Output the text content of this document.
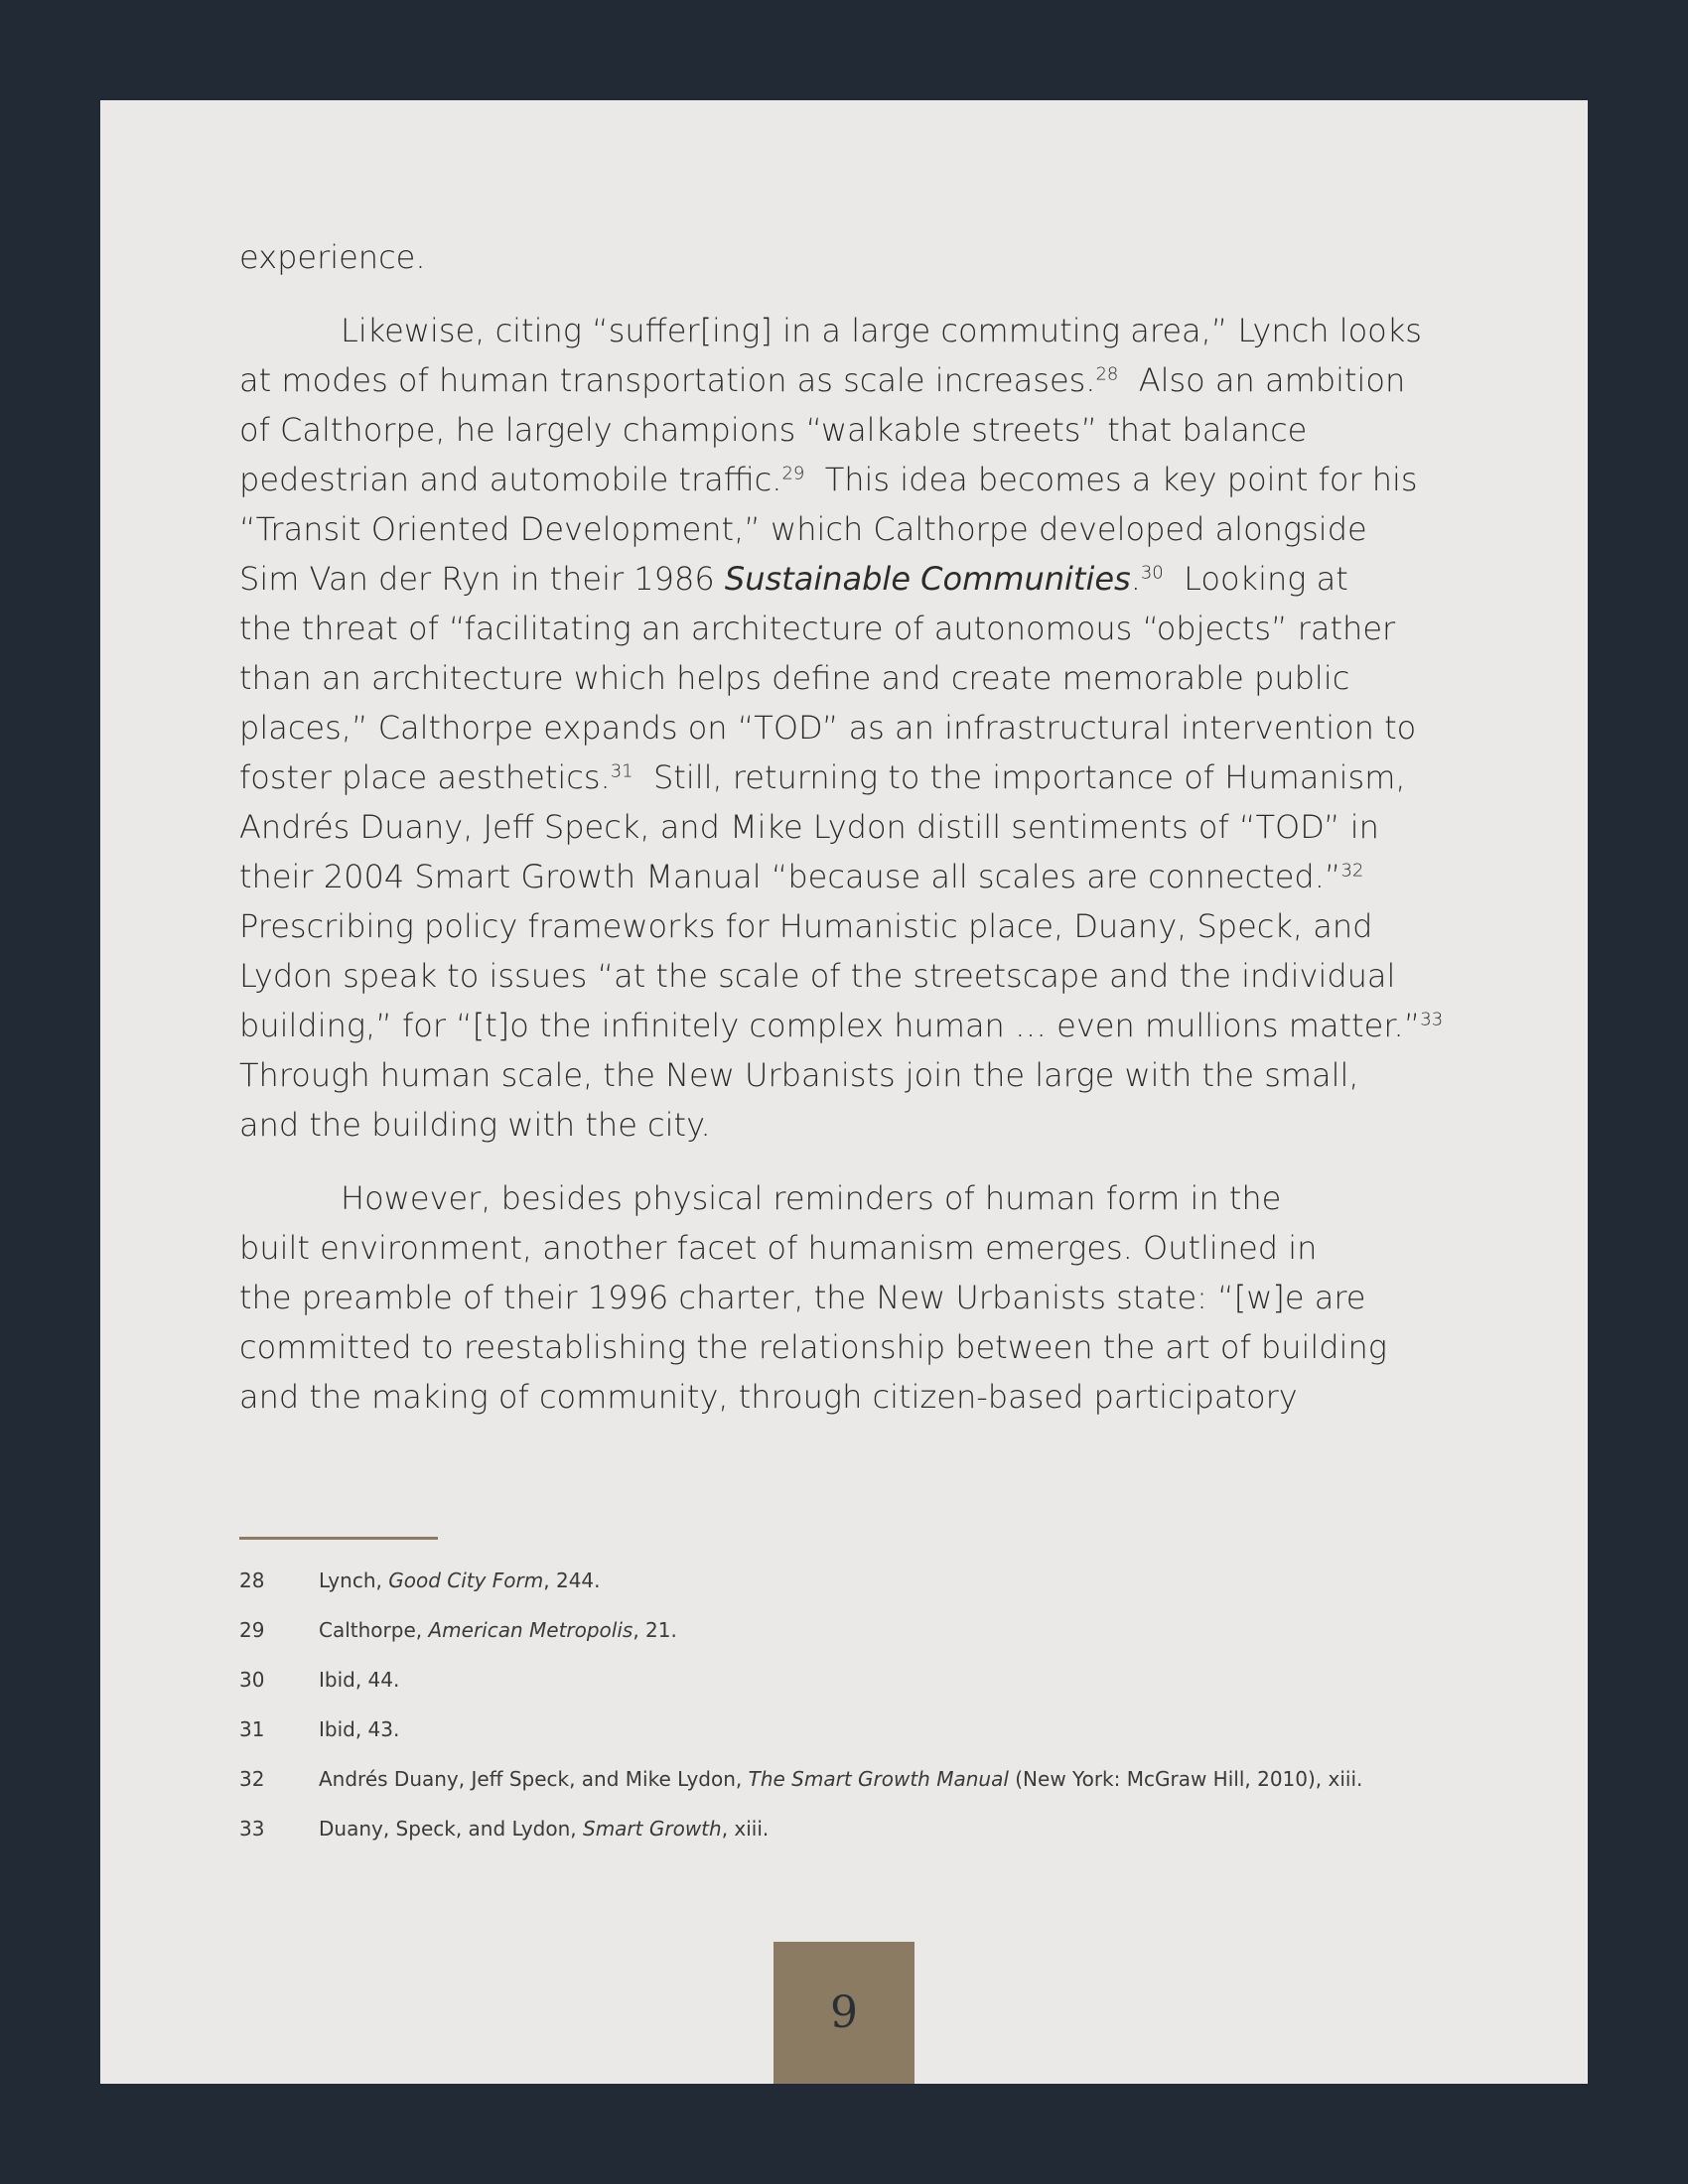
experience.

Likewise, citing “suffer[ing] in a large commuting area,” Lynch looks
at modes of human transportation as scale increases.$^{28}$  Also an ambition
of Calthorpe, he largely champions “walkable streets” that balance
pedestrian and automobile traffic.$^{29}$  This idea becomes a key point for his
“Transit Oriented Development,” which Calthorpe developed alongside
Sim Van der Ryn in their 1986 Sustainable Communities.$^{30}$  Looking at
the threat of “facilitating an architecture of autonomous “objects” rather
than an architecture which helps define and create memorable public
places,” Calthorpe expands on “TOD” as an infrastructural intervention to
foster place aesthetics.$^{31}$  Still, returning to the importance of Humanism,
Andrés Duany, Jeff Speck, and Mike Lydon distill sentiments of “TOD” in
their 2004 Smart Growth Manual “because all scales are connected.”$^{32}$
Prescribing policy frameworks for Humanistic place, Duany, Speck, and
Lydon speak to issues “at the scale of the streetscape and the individual
building,” for “[t]o the infinitely complex human … even mullions matter.”$^{33}$
Through human scale, the New Urbanists join the large with the small,
and the building with the city.

However, besides physical reminders of human form in the
built environment, another facet of humanism emerges. Outlined in
the preamble of their 1996 charter, the New Urbanists state: “[w]e are
committed to reestablishing the relationship between the art of building
and the making of community, through citizen-based participatory

28	Lynch, Good City Form, 244.
29	Calthorpe, American Metropolis, 21.
30	Ibid, 44.
31	Ibid, 43.
32	Andrés Duany, Jeff Speck, and Mike Lydon, The Smart Growth Manual (New York: McGraw Hill, 2010), xiii.
33	Duany, Speck, and Lydon, Smart Growth, xiii.
9
